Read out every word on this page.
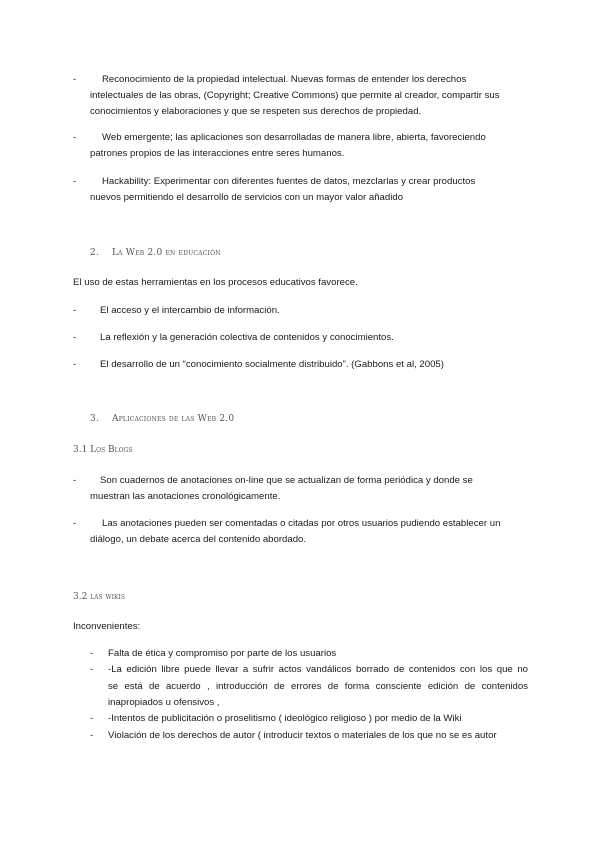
-	Reconocimiento de la propiedad intelectual. Nuevas formas de entender los derechos
intelectuales de las obras, (Copyright; Creative Commons) que permite al creador, compartir sus
conocimientos y elaboraciones y que se respeten sus derechos de propiedad.
-	Web emergente; las aplicaciones son desarrolladas de manera libre, abierta, favoreciendo
patrones propios de las interacciones entre seres humanos.
-	Hackability: Experimentar con diferentes fuentes de datos, mezclarlas y crear productos
nuevos permitiendo el desarrollo de servicios con un mayor valor añadido
2. La Web 2.0 en educación
El uso de estas herramientas en los procesos educativos favorece.
- El acceso y el intercambio de información.
- La reflexión y la generación colectiva de contenidos y conocimientos.
- El desarrollo de un “conocimiento socialmente distribuido”. (Gabbons et al, 2005)
3. Aplicaciones de las Web 2.0
3.1 Los Blogs
- Son cuadernos de anotaciones on-line que se actualizan de forma periódica y donde se
muestran las anotaciones cronológicamente.
-	Las anotaciones pueden ser comentadas o citadas por otros usuarios pudiendo establecer un
diálogo, un debate acerca del contenido abordado.
3.2 las wikis
Inconvenientes:
- Falta de ética y compromiso por parte de los usuarios
- -La edición libre puede llevar a sufrir actos vandálicos borrado de contenidos con los que no
se está de acuerdo , introducción de errores de forma consciente edición de contenidos
inapropiados u ofensivos ,
- -Intentos de publicitación o proselitismo ( ideológico religioso ) por medio de la Wiki
- Violación de los derechos de autor ( introducir textos o materiales de los que no se es autor
